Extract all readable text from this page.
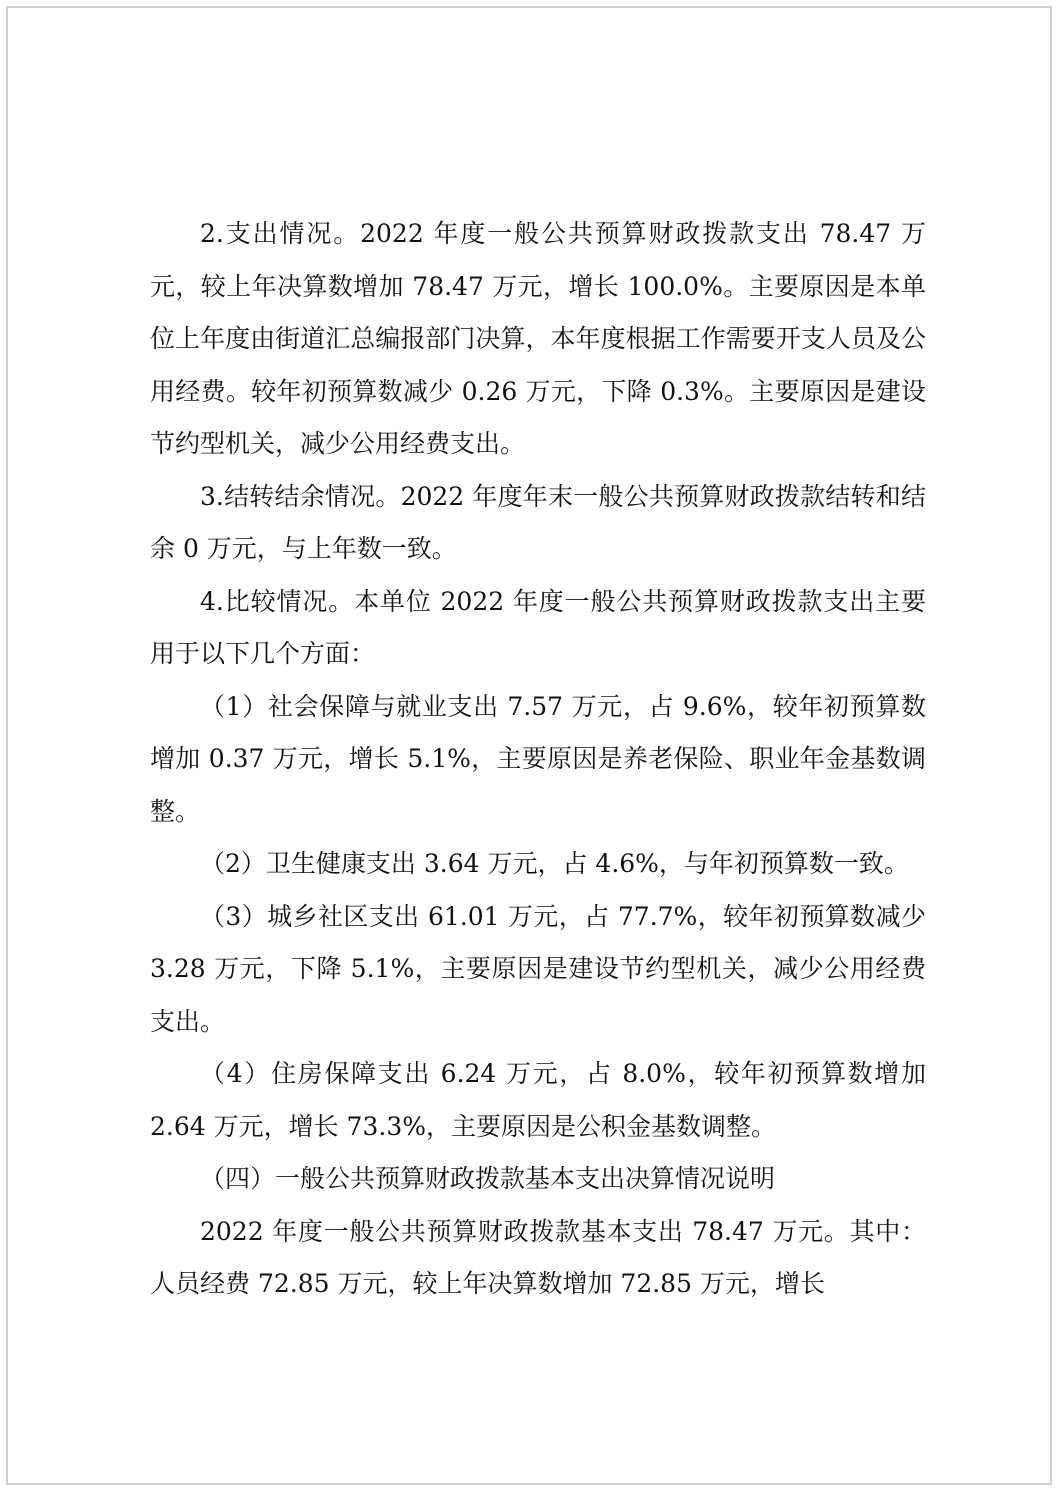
2.支出情况。2022 年度一般公共预算财政拨款支出 78.47 万元，较上年决算数增加 78.47 万元，增长 100.0%。主要原因是本单位上年度由街道汇总编报部门决算，本年度根据工作需要开支人员及公用经费。较年初预算数减少 0.26 万元，下降 0.3%。主要原因是建设节约型机关，减少公用经费支出。

3.结转结余情况。2022 年度年末一般公共预算财政拨款结转和结余 0 万元，与上年数一致。

4.比较情况。本单位 2022 年度一般公共预算财政拨款支出主要用于以下几个方面：

（1）社会保障与就业支出 7.57 万元，占 9.6%，较年初预算数增加 0.37 万元，增长 5.1%，主要原因是养老保险、职业年金基数调整。

（2）卫生健康支出 3.64 万元，占 4.6%，与年初预算数一致。

（3）城乡社区支出 61.01 万元，占 77.7%，较年初预算数减少 3.28 万元，下降 5.1%，主要原因是建设节约型机关，减少公用经费支出。

（4）住房保障支出 6.24 万元，占 8.0%，较年初预算数增加 2.64 万元，增长 73.3%，主要原因是公积金基数调整。

（四）一般公共预算财政拨款基本支出决算情况说明

2022 年度一般公共预算财政拨款基本支出 78.47 万元。其中：人员经费 72.85 万元，较上年决算数增加 72.85 万元，增长
